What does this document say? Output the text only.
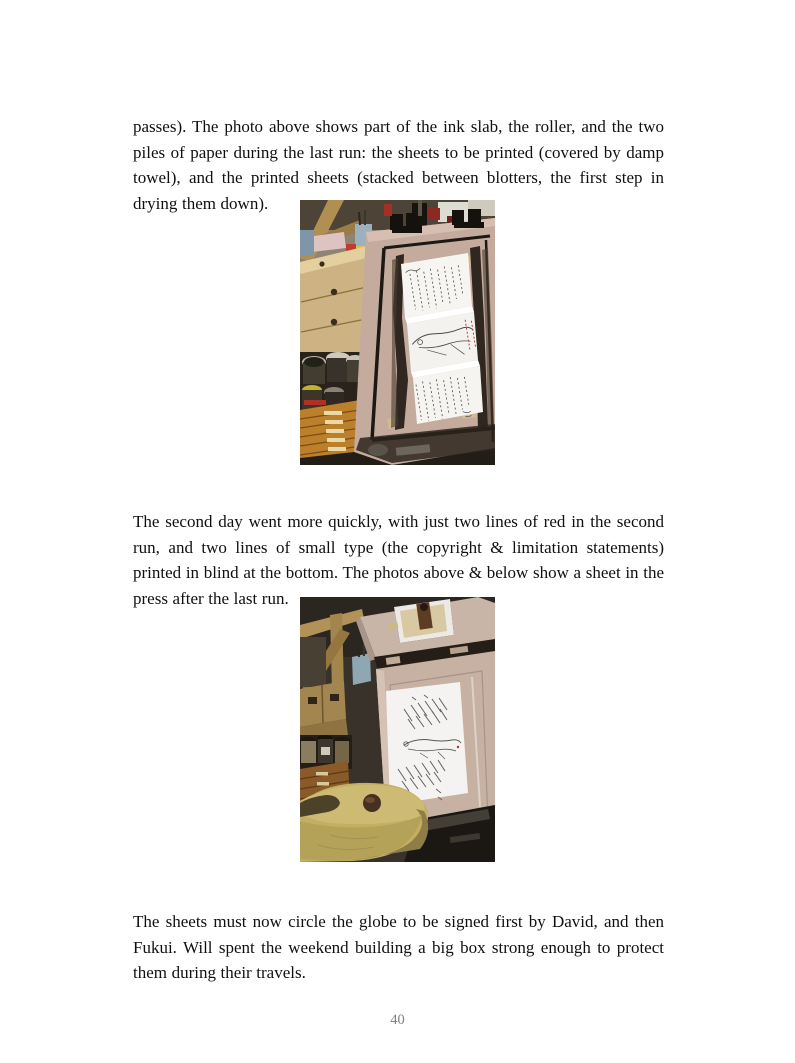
passes). The photo above shows part of the ink slab, the roller, and the two piles of paper during the last run: the sheets to be printed (covered by damp towel), and the printed sheets (stacked between blotters, the first step in drying them down).

The second day went more quickly, with just two lines of red in the second run, and two lines of small type (the copyright & limitation statements) printed in blind at the bottom. The photos above & below show a sheet in the press after the last run.

The sheets must now circle the globe to be signed first by David, and then Fukui. Will spent the weekend building a big box strong enough to protect them during their travels.

40
